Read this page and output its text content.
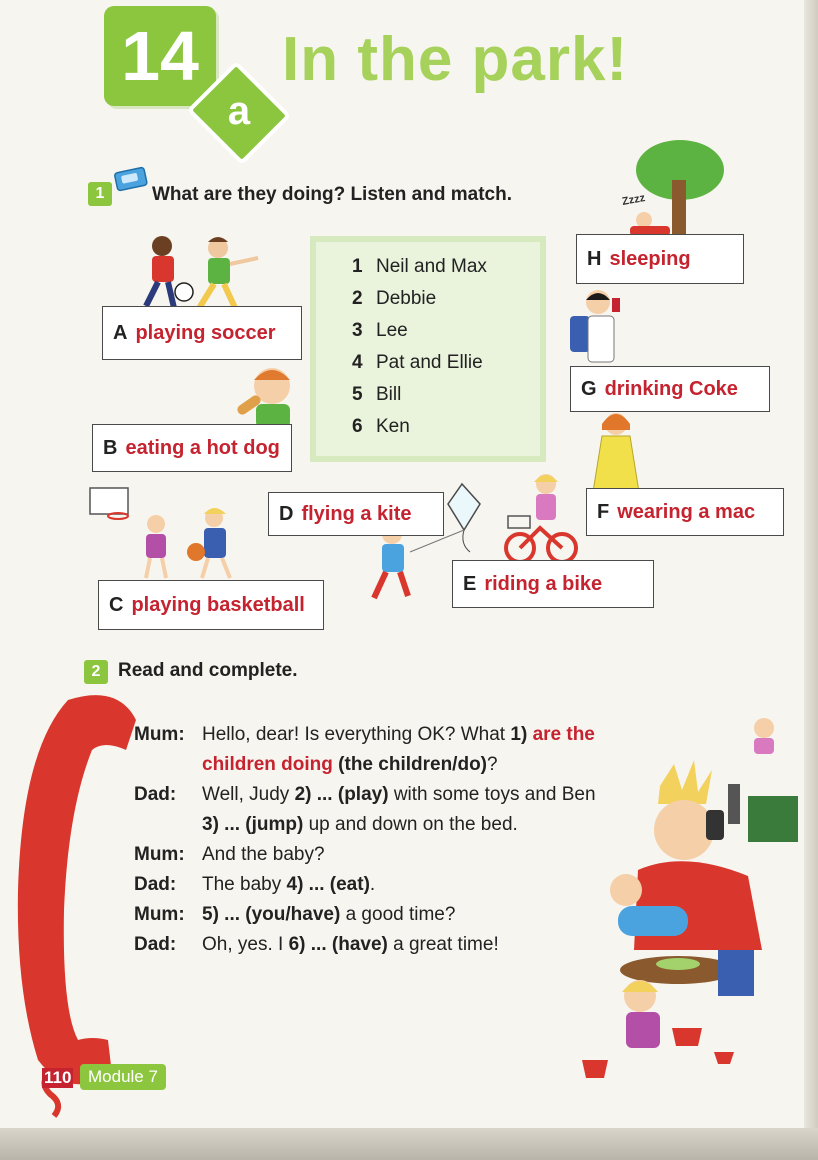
14
a
In the park!
1	What are they doing? Listen and match.
1 Neil and Max
2 Debbie
3 Lee
4 Pat and Ellie
5 Bill
6 Ken
Zzzz
A playing soccer
B eating a hot dog
C playing basketball
D flying a kite
E riding a bike
F wearing a mac
G drinking Coke
H sleeping
2 Read and complete.
Mum: Hello, dear! Is everything OK? What 1) are the
children doing (the children/do)?
Dad: Well, Judy 2) ... (play) with some toys and Ben
3) ... (jump) up and down on the bed.
Mum: And the baby?
Dad: The baby 4) ... (eat).
Mum: 5) ... (you/have) a good time?
Dad: Oh, yes. I 6) ... (have) a great time!
110 Module 7
